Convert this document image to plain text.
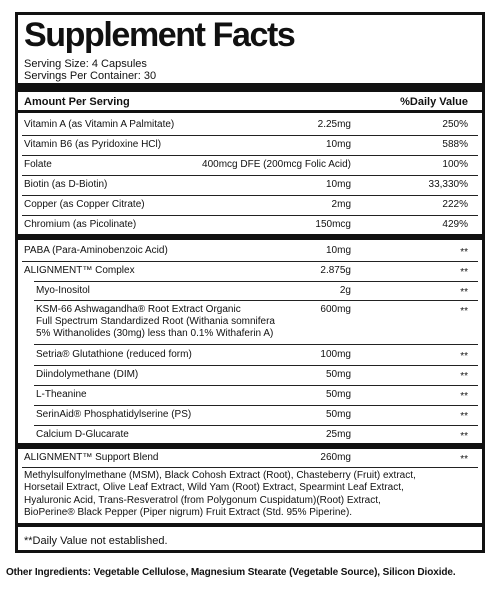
Supplement Facts
Serving Size: 4 Capsules
Servings Per Container: 30
Amount Per Serving	%Daily Value
Vitamin A (as Vitamin A Palmitate)	2.25mg	250%
Vitamin B6 (as Pyridoxine HCl)	10mg	588%
Folate	400mcg DFE (200mcg Folic Acid)	100%
Biotin (as D-Biotin)	10mg	33,330%
Copper (as Copper Citrate)	2mg	222%
Chromium (as Picolinate)	150mcg	429%
PABA (Para-Aminobenzoic Acid)	10mg	**
ALIGNMENT™ Complex	2.875g	**
Myo-Inositol	2g	**
KSM-66 Ashwagandha® Root Extract Organic
Full Spectrum Standardized Root (Withania somnifera
5% Withanolides (30mg) less than 0.1% Withaferin A)
600mg	**
Setria® Glutathione (reduced form)	100mg	**
Diindolymethane (DIM)	50mg	**
L-Theanine	50mg	**
SerinAid® Phosphatidylserine (PS)	50mg	**
Calcium D-Glucarate	25mg	**
ALIGNMENT™ Support Blend	260mg	**
Methylsulfonylmethane (MSM), Black Cohosh Extract (Root), Chasteberry (Fruit) extract,
Horsetail Extract, Olive Leaf Extract, Wild Yam (Root) Extract, Spearmint Leaf Extract,
Hyaluronic Acid, Trans-Resveratrol (from Polygonum Cuspidatum)(Root) Extract,
BioPerine® Black Pepper (Piper nigrum) Fruit Extract (Std. 95% Piperine).
**Daily Value not established.
Other Ingredients: Vegetable Cellulose, Magnesium Stearate (Vegetable Source), Silicon Dioxide.
